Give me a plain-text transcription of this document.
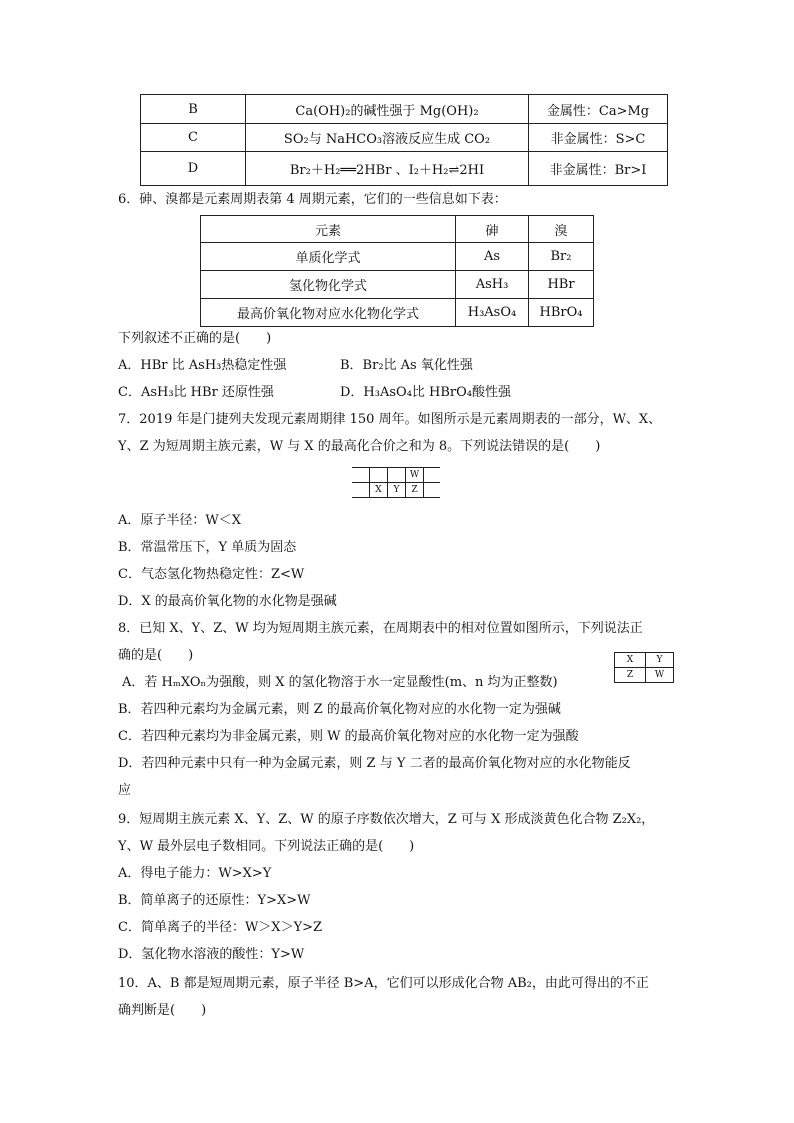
B	Ca(OH)₂的碱性强于 Mg(OH)₂	金属性：Ca>Mg
C	SO₂与 NaHCO₃溶液反应生成 CO₂	非金属性：S>C
D	Br₂＋H₂══2HBr 、I₂＋H₂⇌2HI	非金属性：Br>I
6．砷、溴都是元素周期表第 4 周期元素，它们的一些信息如下表：
元素	砷	溴
单质化学式	As	Br₂
氢化物化学式	AsH₃	HBr
最高价氧化物对应水化物化学式	H₃AsO₄	HBrO₄
下列叙述不正确的是(　　)
A．HBr 比 AsH₃热稳定性强	B．Br₂比 As 氧化性强
C．AsH₃比 HBr 还原性强	D．H₃AsO₄比 HBrO₄酸性强
7．2019 年是门捷列夫发现元素周期律 150 周年。如图所示是元素周期表的一部分，W、X、
Y、Z 为短周期主族元素，W 与 X 的最高化合价之和为 8。下列说法错误的是(　　)
			W	
	X	Y	Z	
A．原子半径：W＜X
B．常温常压下，Y 单质为固态
C．气态氢化物热稳定性：Z<W
D．X 的最高价氧化物的水化物是强碱
8．已知 X、Y、Z、W 均为短周期主族元素，在周期表中的相对位置如图所示，下列说法正
确的是(　　)	X	Y
Z	W
A．若 HₘXOₙ为强酸，则 X 的氢化物溶于水一定显酸性(m、n 均为正整数)
B．若四种元素均为金属元素，则 Z 的最高价氧化物对应的水化物一定为强碱
C．若四种元素均为非金属元素，则 W 的最高价氧化物对应的水化物一定为强酸
D．若四种元素中只有一种为金属元素，则 Z 与 Y 二者的最高价氧化物对应的水化物能反
应
9．短周期主族元素 X、Y、Z、W 的原子序数依次增大，Z 可与 X 形成淡黄色化合物 Z₂X₂，
Y、W 最外层电子数相同。下列说法正确的是(　　)
A．得电子能力：W>X>Y
B．简单离子的还原性：Y>X>W
C．简单离子的半径：W＞X＞Y>Z
D．氢化物水溶液的酸性：Y>W
10．A、B 都是短周期元素，原子半径 B>A，它们可以形成化合物 AB₂，由此可得出的不正
确判断是(　　)
